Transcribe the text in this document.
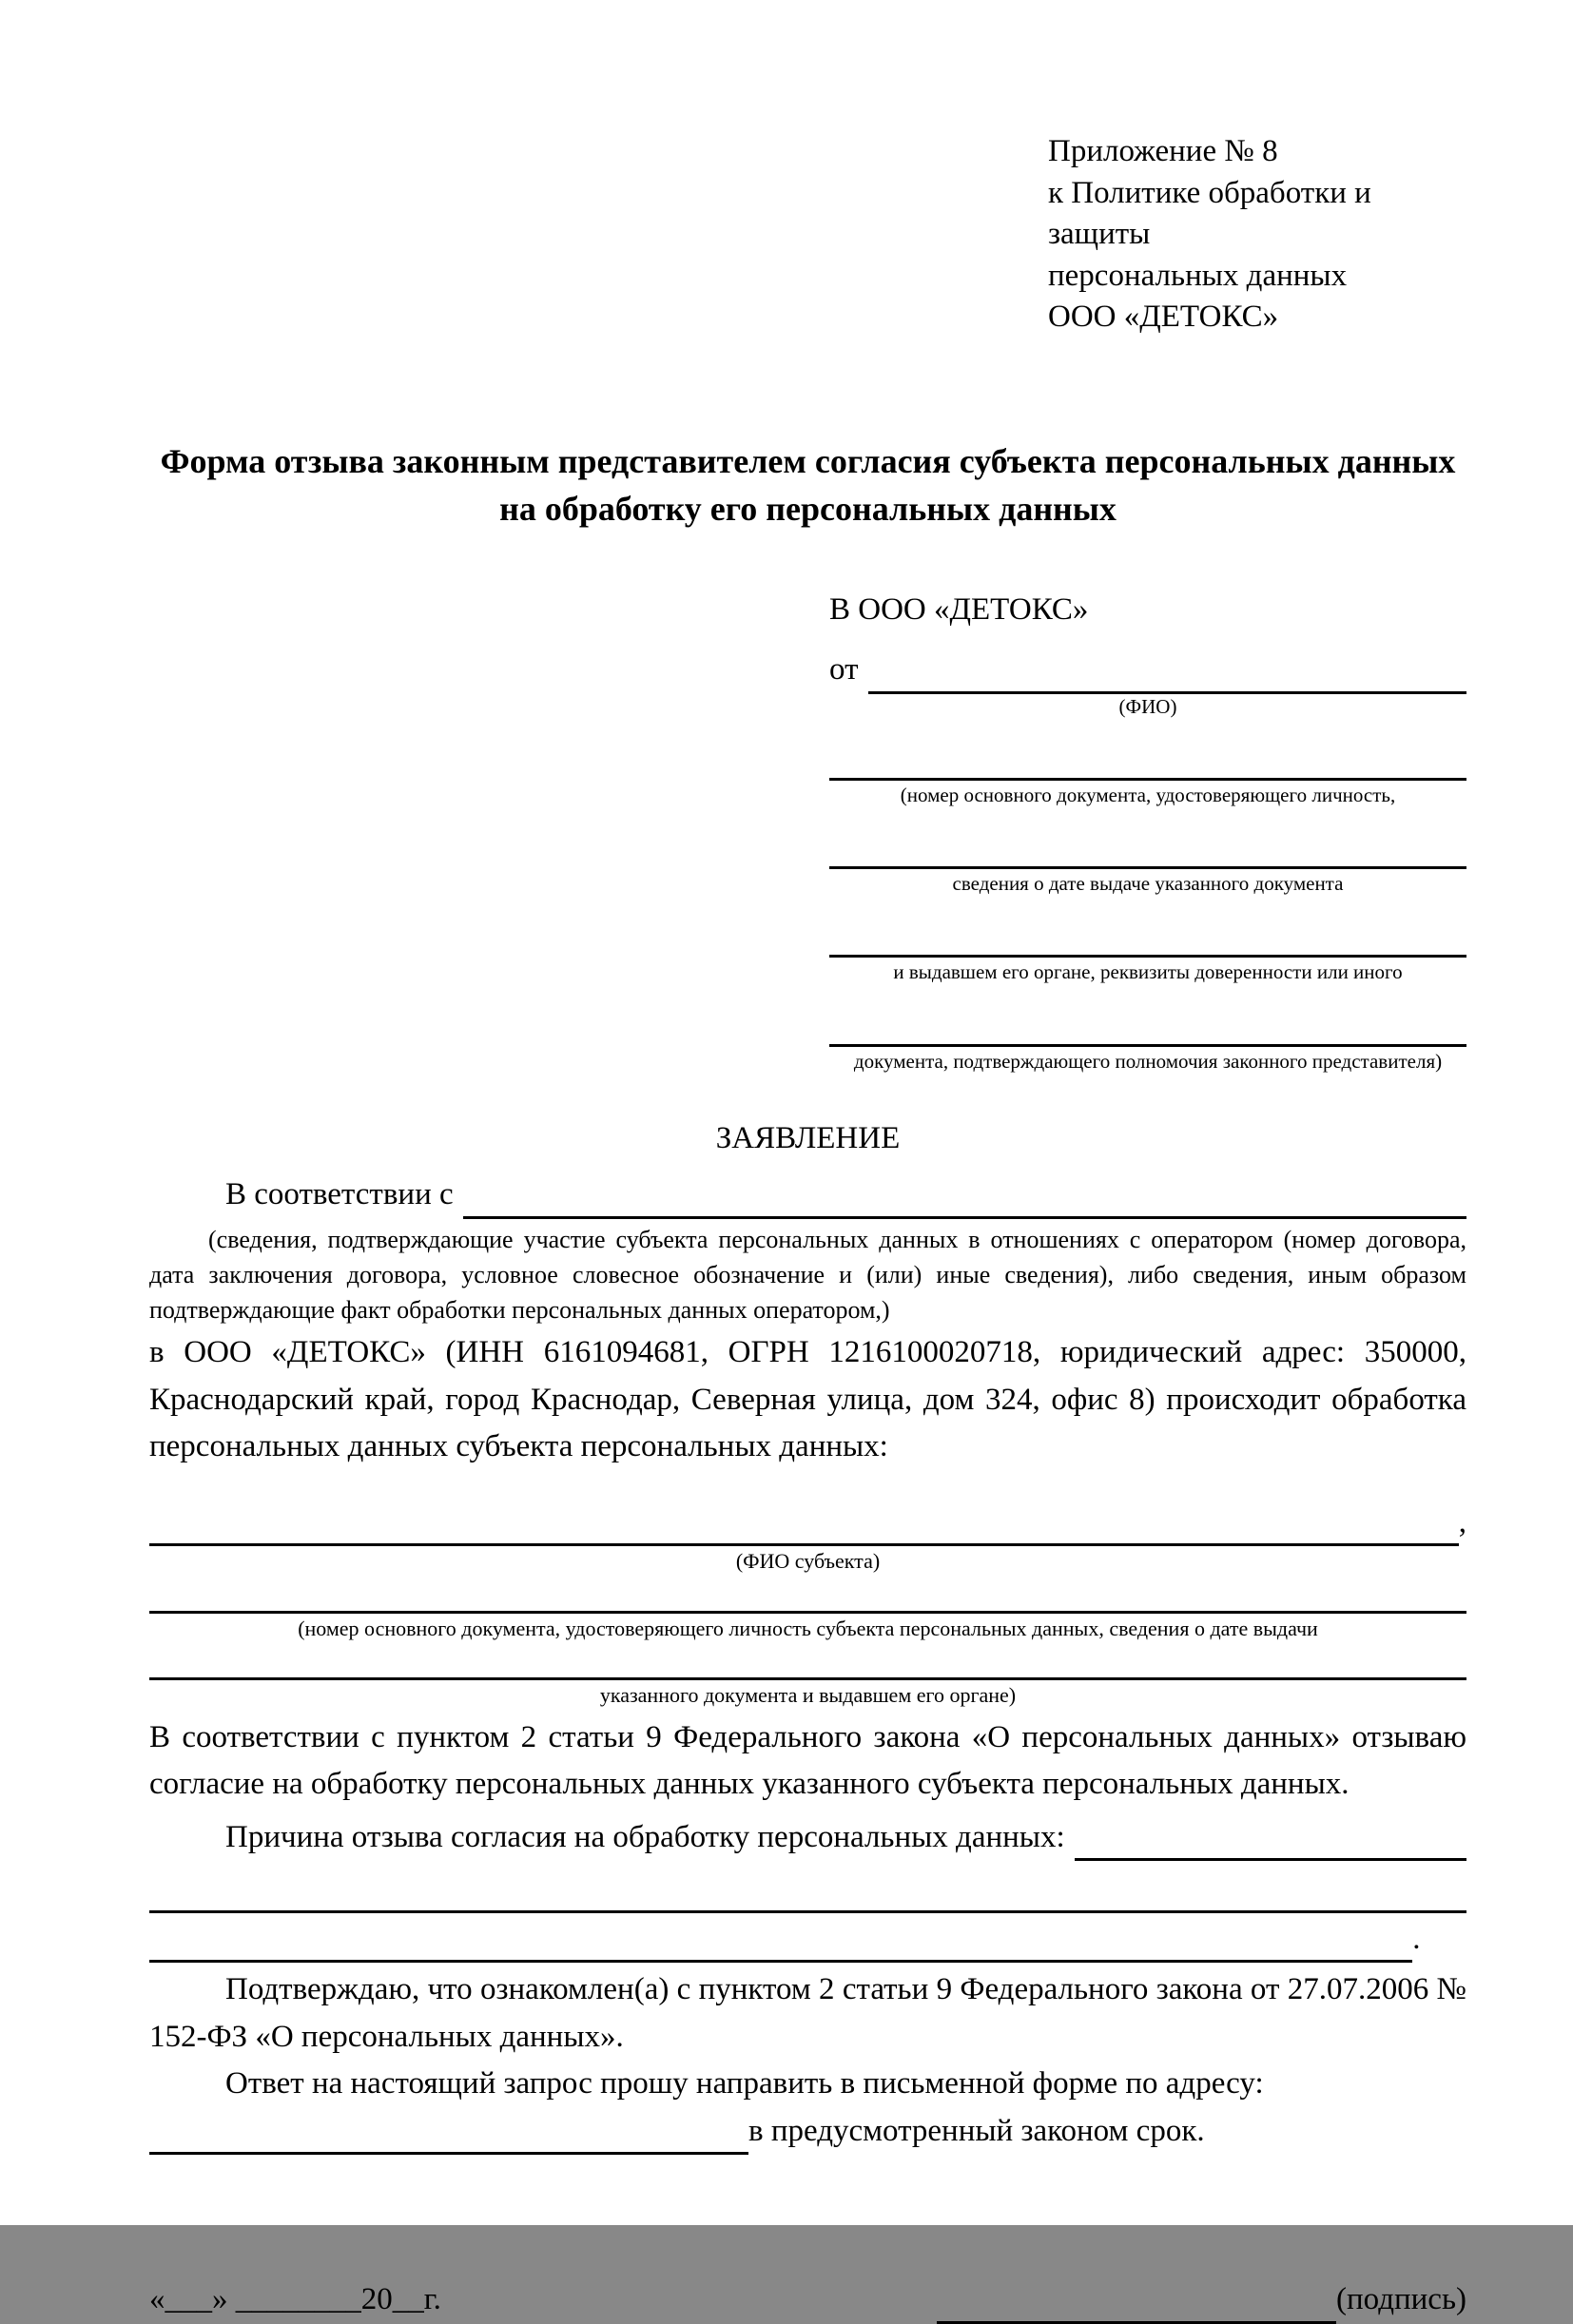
Приложение № 8
к Политике обработки и защиты
персональных данных
ООО «ДЕТОКС»
Форма отзыва законным представителем согласия субъекта персональных данных на обработку его персональных данных
В ООО «ДЕТОКС»
от
(ФИО)
(номер основного документа, удостоверяющего личность,
сведения о дате выдаче указанного документа
и выдавшем его органе, реквизиты доверенности или иного
документа, подтверждающего полномочия законного представителя)
ЗАЯВЛЕНИЕ
В соответствии с
(сведения, подтверждающие участие субъекта персональных данных в отношениях с оператором (номер договора, дата заключения договора, условное словесное обозначение и (или) иные сведения), либо сведения, иным образом подтверждающие факт обработки персональных данных оператором,)
в ООО «ДЕТОКС» (ИНН 6161094681, ОГРН 1216100020718, юридический адрес: 350000, Краснодарский край, город Краснодар, Северная улица, дом 324, офис 8) происходит обработка персональных данных субъекта персональных данных:
,
(ФИО субъекта)
(номер основного документа, удостоверяющего личность субъекта персональных данных, сведения о дате выдачи
указанного документа и выдавшем его органе)
В соответствии с пунктом 2 статьи 9 Федерального закона «О персональных данных» отзываю согласие на обработку персональных данных указанного субъекта персональных данных.
Причина отзыва согласия на обработку персональных данных:
.
Подтверждаю, что ознакомлен(а) с пунктом 2 статьи 9 Федерального закона от 27.07.2006 № 152-ФЗ «О персональных данных».
Ответ на настоящий запрос прошу направить в письменной форме по адресу:
в предусмотренный законом срок.
«___» ________20__г.	(подпись)
